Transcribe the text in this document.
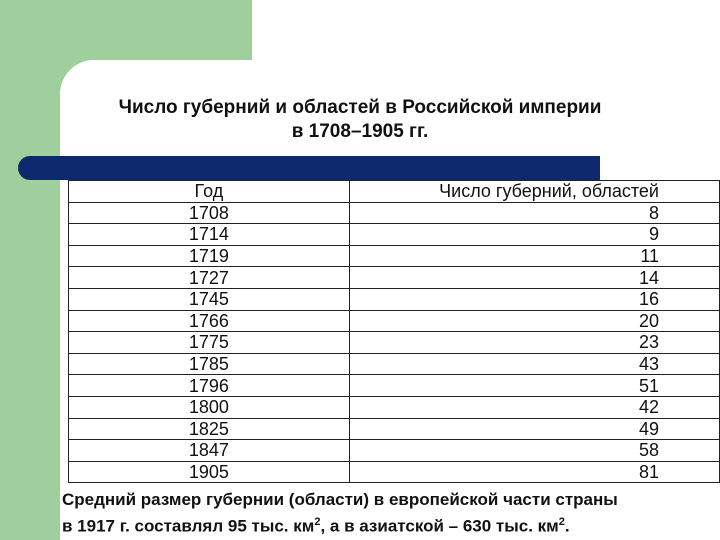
Число губерний и областей в Российской империи
в 1708–1905 гг.
Год	Число губерний, областей
1708	8
1714	9
1719	11
1727	14
1745	16
1766	20
1775	23
1785	43
1796	51
1800	42
1825	49
1847	58
1905	81
Средний размер губернии (области) в европейской части страны
в 1917 г. составлял 95 тыс. $км^2$, а в азиатской – 630 тыс. $км^2$.
